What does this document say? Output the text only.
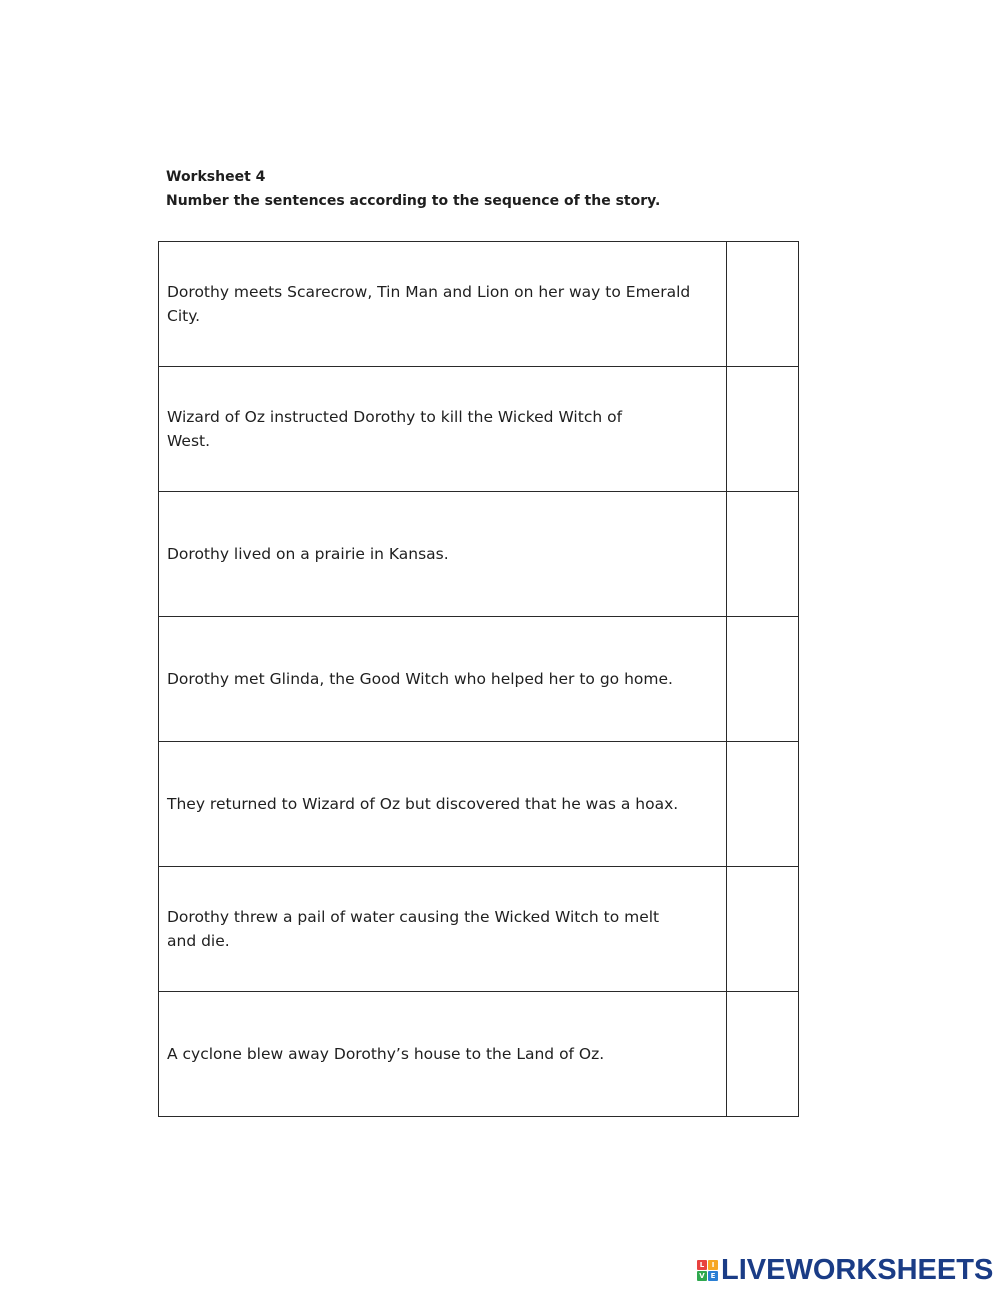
Worksheet 4
Number the sentences according to the sequence of the story.
Dorothy meets Scarecrow, Tin Man and Lion on her way to Emerald
City.

Wizard of Oz instructed Dorothy to kill the Wicked Witch of
West.

Dorothy lived on a prairie in Kansas.

Dorothy met Glinda, the Good Witch who helped her to go home.

They returned to Wizard of Oz but discovered that he was a hoax.

Dorothy threw a pail of water causing the Wicked Witch to melt
and die.

A cyclone blew away Dorothy’s house to the Land of Oz.

L	I
V E LIVEWORKSHEETS
